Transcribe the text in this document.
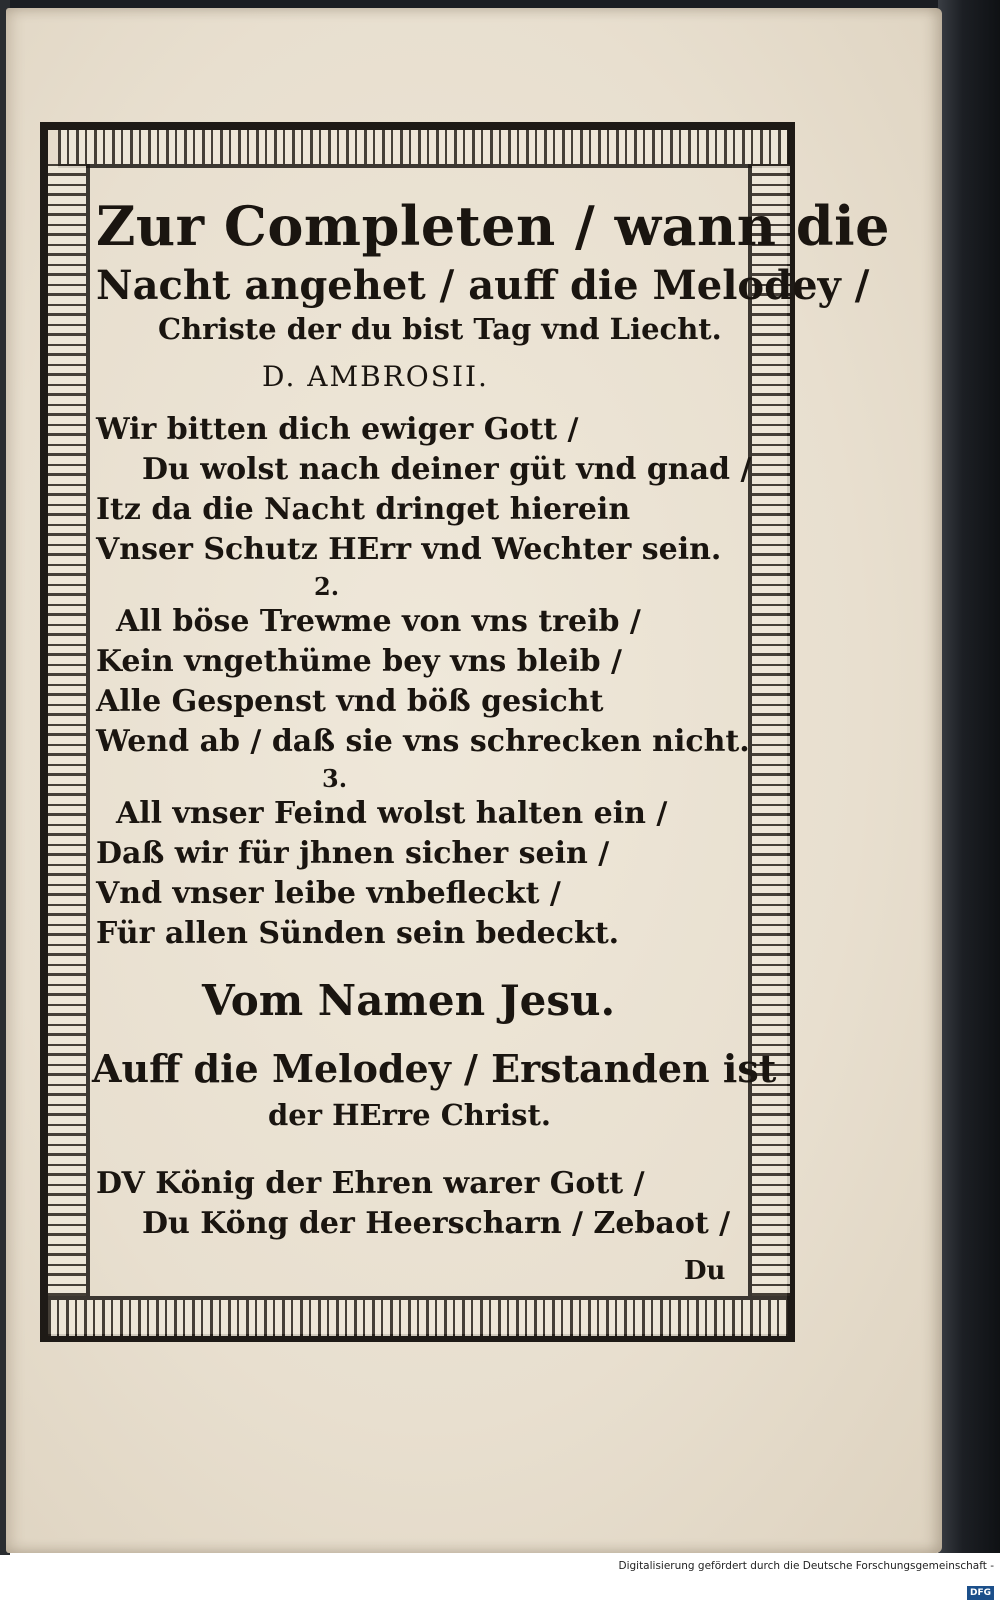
Zur Completen / wann die
Nacht angehet / auff die Melodey /
Christe der du bist Tag vnd Liecht.
D. AMBROSII.
Wir bitten dich ewiger Gott /
Du wolst nach deiner güt vnd gnad /
Itz da die Nacht dringet hierein
Vnser Schutz HErr vnd Wechter sein.
2.
All böse Trewme von vns treib /
Kein vngethüme bey vns bleib /
Alle Gespenst vnd böß gesicht
Wend ab / daß sie vns schrecken nicht.
3.
All vnser Feind wolst halten ein /
Daß wir für jhnen sicher sein /
Vnd vnser leibe vnbefleckt /
Für allen Sünden sein bedeckt.
Vom Namen Jesu.
Auff die Melodey / Erstanden ist
der HErre Christ.
DV König der Ehren warer Gott /
Du Köng der Heerscharn / Zebaot /
Du
Digitalisierung gefördert durch die Deutsche Forschungsgemeinschaft - DFG
